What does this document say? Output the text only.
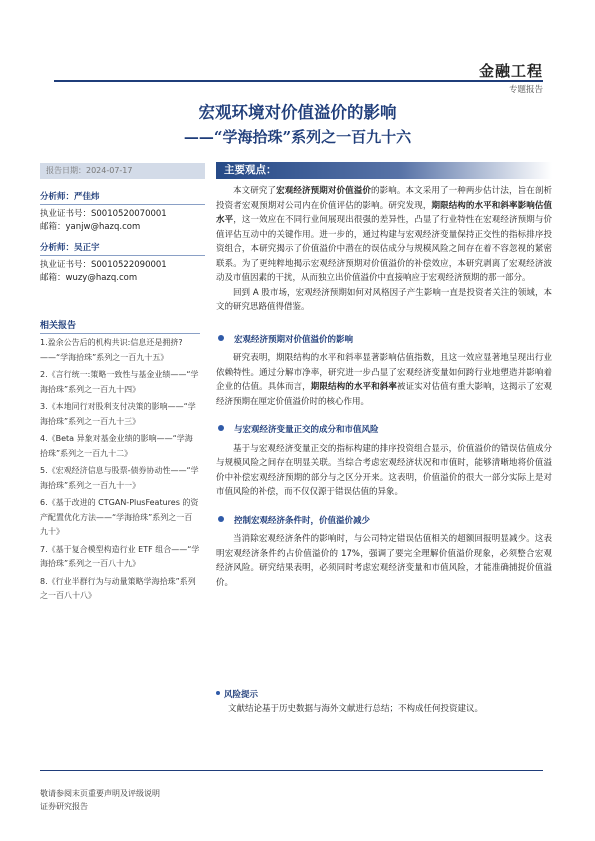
金融工程
专题报告
宏观环境对价值溢价的影响
——“学海拾珠”系列之一百九十六
报告日期：2024-07-17	主要观点：
分析师：严佳炜
执业证书号：S0010520070001
邮箱：yanjw@hazq.com
分析师：吴正宇
执业证书号：S0010522090001
邮箱：wuzy@hazq.com
相关报告
1.盈余公告后的机构共识:信息还是拥挤?——“学海拾珠”系列之一百九十五》
2.《言行统一:策略一致性与基金业绩——“学海拾珠”系列之一百九十四》
3.《本地同行对股利支付决策的影响——“学海拾珠”系列之一百九十三》
4.《Beta 异象对基金业绩的影响——“学海拾珠”系列之一百九十二》
5.《宏观经济信息与股票-债券协动性——“学海拾珠”系列之一百九十一》
6.《基于改进的 CTGAN-PlusFeatures 的资产配置优化方法——“学海拾珠”系列之一百九十》
7.《基于复合模型构造行业 ETF 组合——“学海拾珠”系列之一百八十九》
8.《行业半群行为与动量策略学海拾珠”系列之一百八十八》

本文研究了宏观经济预期对价值溢价的影响。本文采用了一种两步估计法，旨在剖析投资者宏观预期对公司内在价值评估的影响。研究发现，期限结构的水平和斜率影响估值水平，这一效应在不同行业间展现出很强的差异性，凸显了行业特性在宏观经济预期与价值评估互动中的关键作用。进一步的，通过构建与宏观经济变量保持正交性的指标排序投资组合，本研究揭示了价值溢价中潜在的误估成分与规模风险之间存在着不容忽视的紧密联系。为了更纯粹地揭示宏观经济预期对价值溢价的补偿效应，本研究剥离了宏观经济波动及市值因素的干扰，从而独立出价值溢价中直接响应于宏观经济预期的那一部分。

回到 A 股市场，宏观经济预期如何对风格因子产生影响一直是投资者关注的领域，本文的研究思路值得借鉴。

宏观经济预期对价值溢价的影响

研究表明，期限结构的水平和斜率显著影响估值指数，且这一效应显著地呈现出行业依赖特性。通过分解市净率，研究进一步凸显了宏观经济变量如何跨行业地塑造并影响着企业的估值。具体而言，期限结构的水平和斜率被证实对估值有重大影响，这揭示了宏观经济预期在厘定价值溢价时的核心作用。

与宏观经济变量正交的成分和市值风险

基于与宏观经济变量正交的指标构建的排序投资组合显示，价值溢价的错误估值成分与规模风险之间存在明显关联。当综合考虑宏观经济状况和市值时，能够清晰地将价值溢价中补偿宏观经济预期的部分与之区分开来。这表明，价值溢价的很大一部分实际上是对市值风险的补偿，而不仅仅源于错误估值的异象。

控制宏观经济条件时，价值溢价减少

当消除宏观经济条件的影响时，与公司特定错误估值相关的超额回报明显减少。这表明宏观经济条件约占价值溢价的 17%，强调了要完全理解价值溢价现象，必须整合宏观经济风险。研究结果表明，必须同时考虑宏观经济变量和市值风险，才能准确捕捉价值溢价。

风险提示
文献结论基于历史数据与海外文献进行总结；不构成任何投资建议。
敬请参阅末页重要声明及评级说明
证券研究报告
